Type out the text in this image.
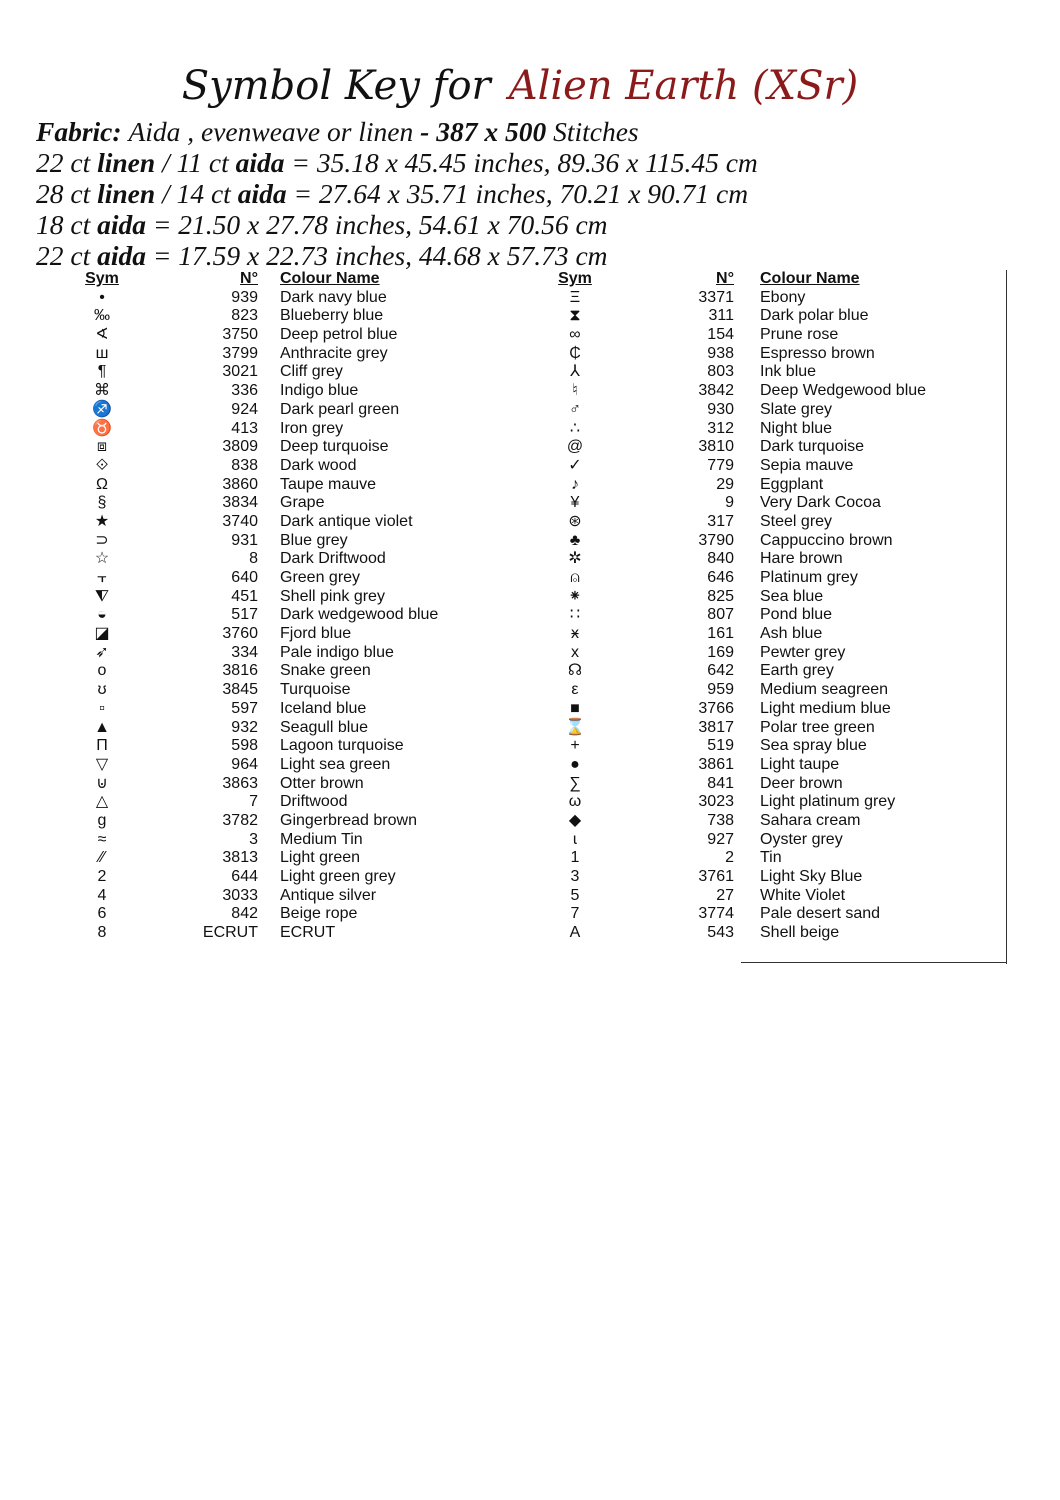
Symbol Key for Alien Earth (XSr)
Fabric: Aida , evenweave or linen - 387 x 500 Stitches
22 ct linen / 11 ct aida = 35.18 x 45.45 inches, 89.36 x 115.45 cm
28 ct linen / 14 ct aida = 27.64 x 35.71 inches, 70.21 x 90.71 cm
18 ct aida = 21.50 x 27.78 inches, 54.61 x 70.56 cm
22 ct aida = 17.59 x 22.73 inches, 44.68 x 57.73 cm
Sym	N° Colour Name
•	939 Dark navy blue
‰	823 Blueberry blue
∢	3750 Deep petrol blue
ш	3799 Anthracite grey
¶	3021 Cliff grey
⌘	336 Indigo blue
♐	924 Dark pearl green
♉	413 Iron grey
⧈	3809 Deep turquoise
⟐	838 Dark wood
Ω	3860 Taupe mauve
§	3834 Grape
★	3740 Dark antique violet
⊃	931 Blue grey
☆	8 Dark Driftwood
⫟	640 Green grey
⧨	451 Shell pink grey
◒	517 Dark wedgewood blue
◪	3760 Fjord blue
➶	334 Pale indigo blue
o	3816 Snake green
ʊ	3845 Turquoise
▫	597 Iceland blue
▲	932 Seagull blue
Π	598 Lagoon turquoise
▽	964 Light sea green
⊍	3863 Otter brown
△	7 Driftwood
g	3782 Gingerbread brown
≈	3 Medium Tin
⁄⁄	3813 Light green
2	644 Light green grey
4	3033 Antique silver
6	842 Beige rope
8	ECRUT ECRUT
Sym	N° Colour Name
Ξ	3371 Ebony
⧗	311 Dark polar blue
∞	154 Prune rose
₵	938 Espresso brown
⅄	803 Ink blue
♮	3842 Deep Wedgewood blue
♂	930 Slate grey
∴	312 Night blue
@	3810 Dark turquoise
✓	779 Sepia mauve
♪	29 Eggplant
¥	9 Very Dark Cocoa
⊛	317 Steel grey
♣	3790 Cappuccino brown
✲	840 Hare brown
⍝	646 Platinum grey
⁕	825 Sea blue
∷	807 Pond blue
ӿ	161 Ash blue
x	169 Pewter grey
☊	642 Earth grey
ε	959 Medium seagreen
■	3766 Light medium blue
⌛	3817 Polar tree green
+	519 Sea spray blue
●	3861 Light taupe
∑	841 Deer brown
ω	3023 Light platinum grey
◆	738 Sahara cream
ɩ	927 Oyster grey
1	2 Tin
3	3761 Light Sky Blue
5	27 White Violet
7	3774 Pale desert sand
A	543 Shell beige
